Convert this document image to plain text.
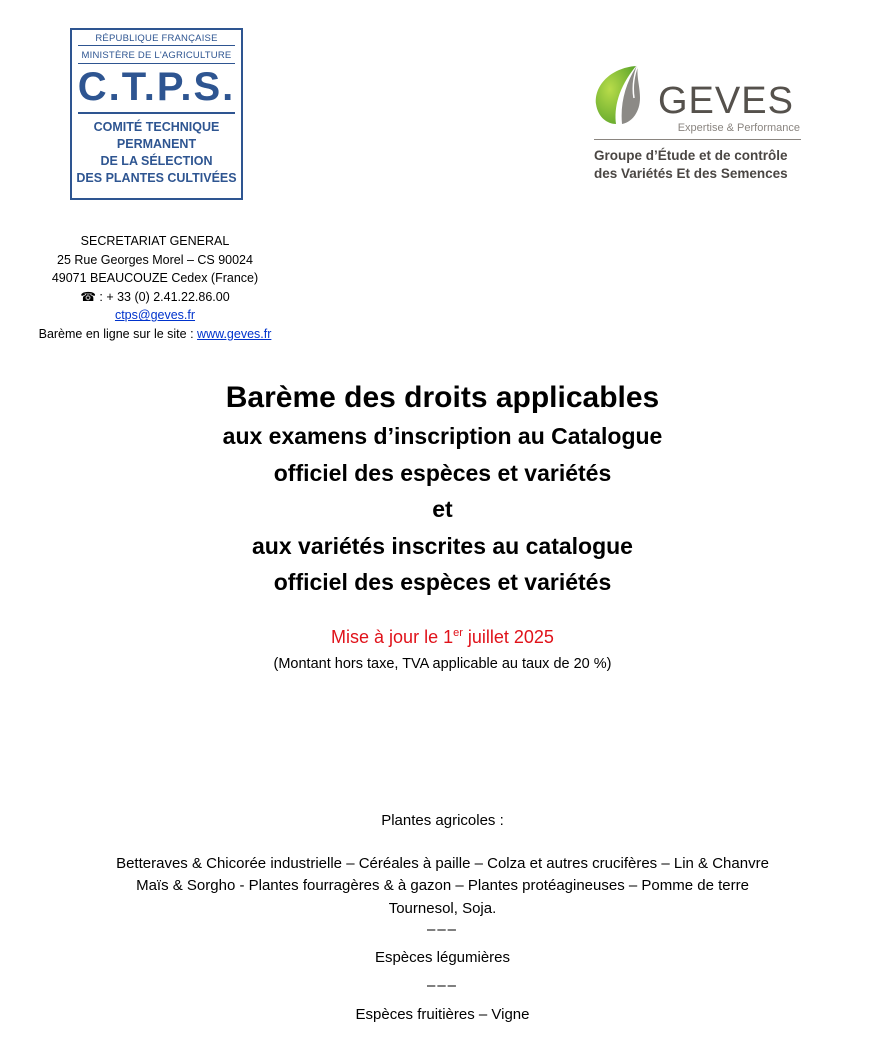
RÉPUBLIQUE FRANÇAISE
MINISTÈRE DE L'AGRICULTURE
C.T.P.S.
COMITÉ TECHNIQUE
PERMANENT
DE LA SÉLECTION
DES PLANTES CULTIVÉES
GEVES
Expertise & Performance
Groupe d’Étude et de contrôle
des Variétés Et des Semences
SECRETARIAT GENERAL
25 Rue Georges Morel – CS 90024
49071 BEAUCOUZE Cedex (France)
☎ : + 33 (0) 2.41.22.86.00
ctps@geves.fr
Barème en ligne sur le site : www.geves.fr
Barème des droits applicables
aux examens d’inscription au Catalogue
officiel des espèces et variétés
et
aux variétés inscrites au catalogue
officiel des espèces et variétés
Mise à jour le 1er juillet 2025
(Montant hors taxe, TVA applicable au taux de 20 %)

Plantes agricoles :

Betteraves & Chicorée industrielle – Céréales à paille – Colza et autres crucifères – Lin & Chanvre

Maïs & Sorgho - Plantes fourragères & à gazon – Plantes protéagineuses – Pomme de terre

Tournesol, Soja.

–––

Espèces légumières

–––

Espèces fruitières – Vigne
